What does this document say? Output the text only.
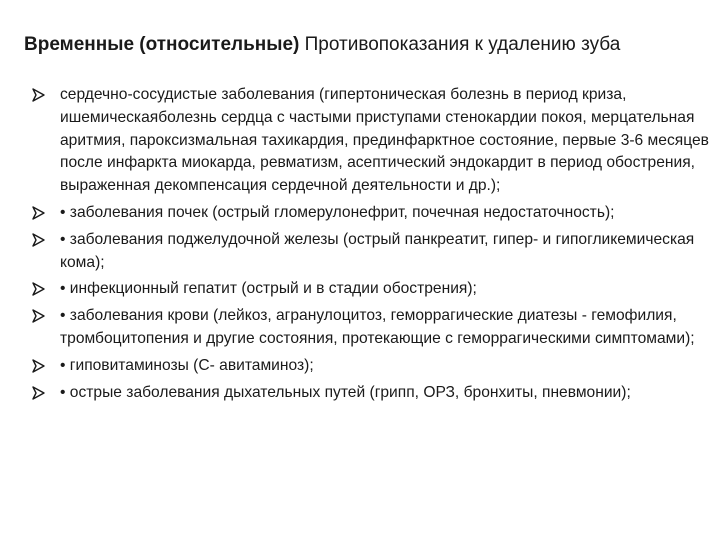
Временные (относительные) Противопоказания к удалению зуба
сердечно-сосудистые заболевания (гипертоническая болезнь в период криза, ишемическаяболезнь сердца с частыми приступами стенокардии покоя, мерцательная аритмия, пароксизмальная тахикардия, прединфарктное состояние, первые 3-6 месяцев после инфаркта миокарда, ревматизм, асептический эндокардит в период обострения, выраженная декомпенсация сердечной деятельности и др.);
• заболевания почек (острый гломерулонефрит, почечная недостаточность);
• заболевания поджелудочной железы (острый панкреатит, гипер- и гипогликемическая кома);
• инфекционный гепатит (острый и в стадии обострения);
• заболевания крови (лейкоз, агранулоцитоз, геморрагические диатезы - гемофилия, тромбоцитопения и другие состояния, протекающие с геморрагическими симптомами);
• гиповитаминозы (С- авитаминоз);
• острые заболевания дыхательных путей (грипп, ОРЗ, бронхиты, пневмонии);
